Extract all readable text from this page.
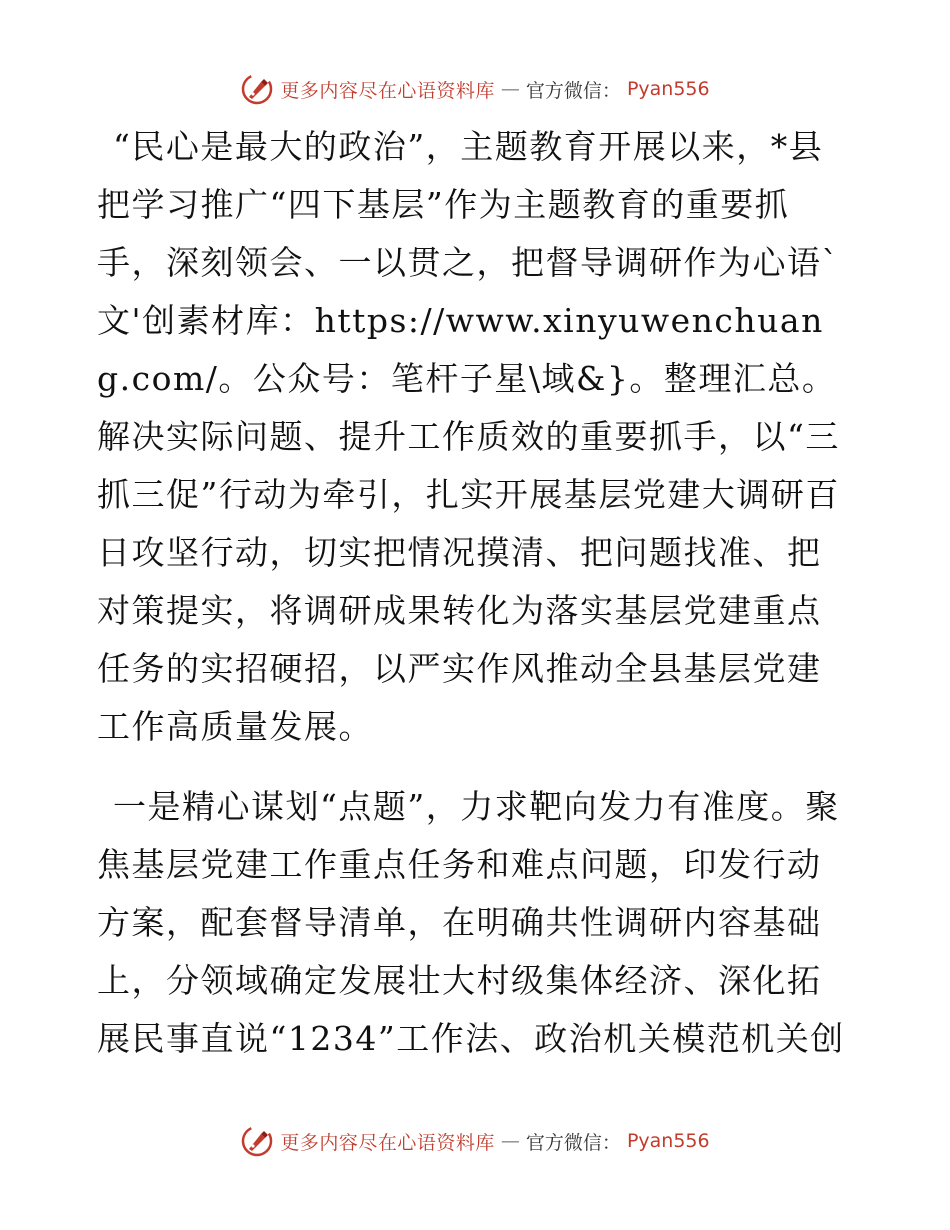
更多内容尽在心语资料库 — 官方微信： Pyan556

“民心是最大的政治”，主题教育开展以来，*县把学习推广“四下基层”作为主题教育的重要抓手，深刻领会、一以贯之，把督导调研作为心语`文'创素材库：https://www.xinyuwenchuang.com/。公众号：笔杆子星\域&}。整理汇总。解决实际问题、提升工作质效的重要抓手，以“三抓三促”行动为牵引，扎实开展基层党建大调研百日攻坚行动，切实把情况摸清、把问题找准、把对策提实，将调研成果转化为落实基层党建重点任务的实招硬招，以严实作风推动全县基层党建工作高质量发展。

一是精心谋划“点题”，力求靶向发力有准度。聚焦基层党建工作重点任务和难点问题，印发行动方案，配套督导清单，在明确共性调研内容基础上，分领域确定发展壮大村级集体经济、深化拓展民事直说“1234”工作法、政治机关模范机关创

更多内容尽在心语资料库 — 官方微信： Pyan556
